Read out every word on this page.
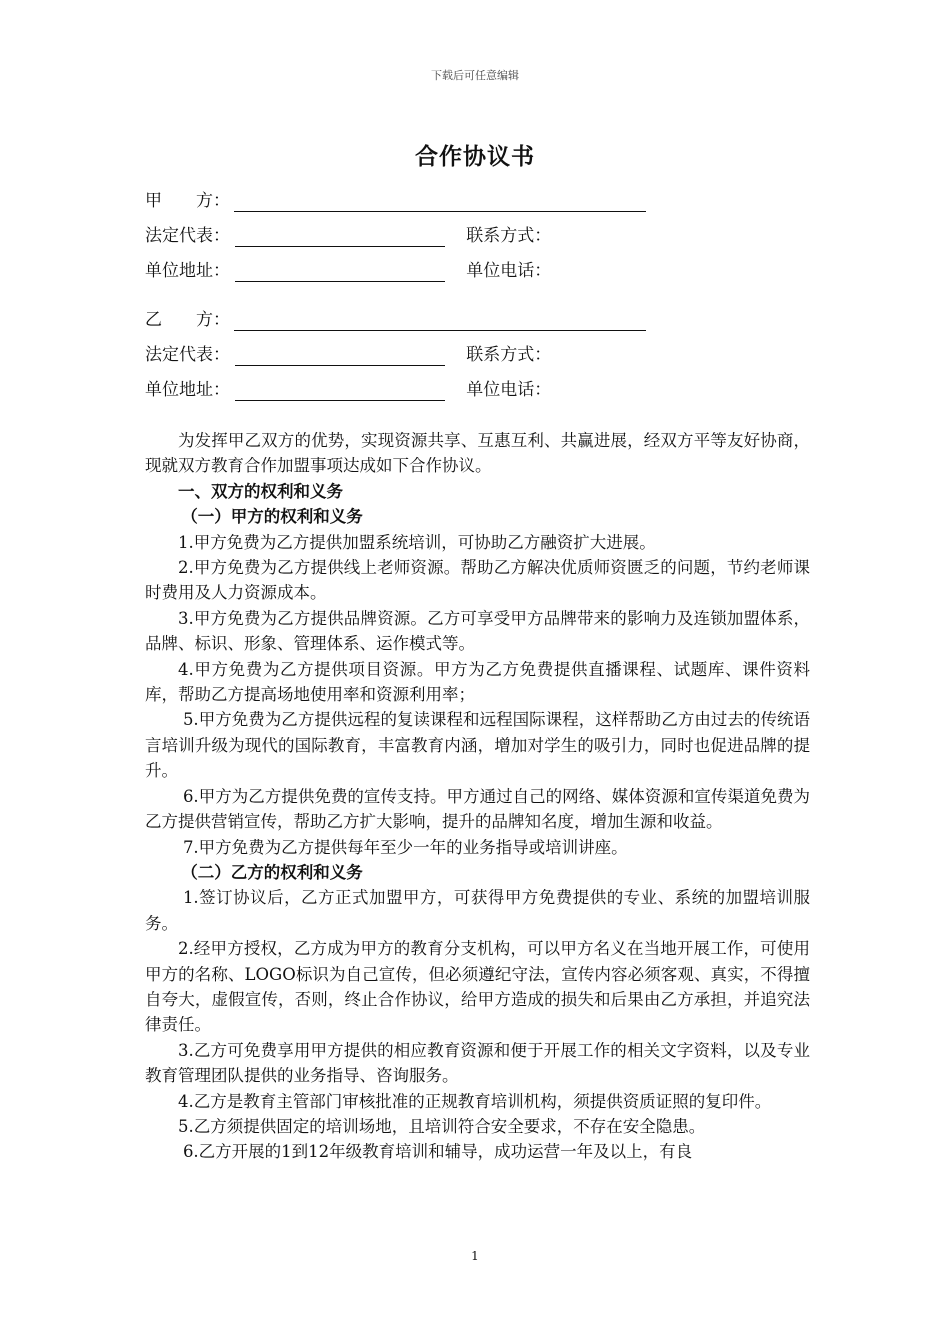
下载后可任意编辑
合作协议书
甲　　方：
法定代表：	联系方式：
单位地址：	单位电话：
乙　　方：
法定代表：	联系方式：
单位地址：	单位电话：

为发挥甲乙双方的优势，实现资源共享、互惠互利、共赢进展，经双方平等友好协商，现就双方教育合作加盟事项达成如下合作协议。

一、双方的权利和义务

（一）甲方的权利和义务

1.甲方免费为乙方提供加盟系统培训，可协助乙方融资扩大进展。

2.甲方免费为乙方提供线上老师资源。帮助乙方解决优质师资匮乏的问题，节约老师课时费用及人力资源成本。

3.甲方免费为乙方提供品牌资源。乙方可享受甲方品牌带来的影响力及连锁加盟体系，品牌、标识、形象、管理体系、运作模式等。

4.甲方免费为乙方提供项目资源。甲方为乙方免费提供直播课程、试题库、课件资料库，帮助乙方提高场地使用率和资源利用率；

5.甲方免费为乙方提供远程的复读课程和远程国际课程，这样帮助乙方由过去的传统语言培训升级为现代的国际教育，丰富教育内涵，增加对学生的吸引力，同时也促进品牌的提升。

6.甲方为乙方提供免费的宣传支持。甲方通过自己的网络、媒体资源和宣传渠道免费为乙方提供营销宣传，帮助乙方扩大影响，提升的品牌知名度，增加生源和收益。

7.甲方免费为乙方提供每年至少一年的业务指导或培训讲座。

（二）乙方的权利和义务

1.签订协议后，乙方正式加盟甲方，可获得甲方免费提供的专业、系统的加盟培训服务。

2.经甲方授权，乙方成为甲方的教育分支机构，可以甲方名义在当地开展工作，可使用甲方的名称、LOGO标识为自己宣传，但必须遵纪守法，宣传内容必须客观、真实，不得擅自夸大，虚假宣传，否则，终止合作协议，给甲方造成的损失和后果由乙方承担，并追究法律责任。

3.乙方可免费享用甲方提供的相应教育资源和便于开展工作的相关文字资料，以及专业教育管理团队提供的业务指导、咨询服务。

4.乙方是教育主管部门审核批准的正规教育培训机构，须提供资质证照的复印件。

5.乙方须提供固定的培训场地，且培训符合安全要求，不存在安全隐患。

6.乙方开展的1到12年级教育培训和辅导，成功运营一年及以上，有良

1
